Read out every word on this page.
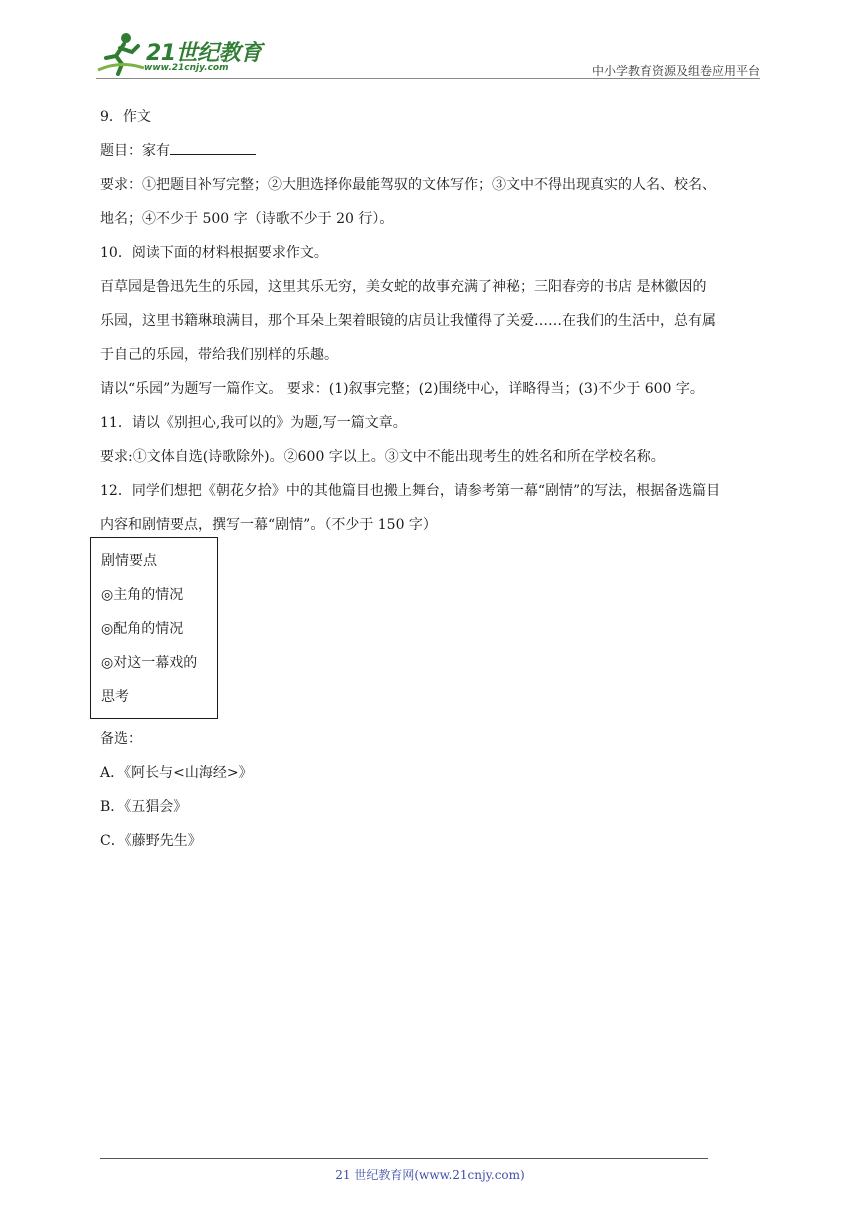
21世纪教育
www.21cnjy.com	中小学教育资源及组卷应用平台
9．作文
题目：家有
要求：①把题目补写完整；②大胆选择你最能驾驭的文体写作；③文中不得出现真实的人名、校名、
地名；④不少于 500 字（诗歌不少于 20 行）。
10．阅读下面的材料根据要求作文。
百草园是鲁迅先生的乐园，这里其乐无穷，美女蛇的故事充满了神秘；三阳春旁的书店 是林徽因的
乐园，这里书籍琳琅满目，那个耳朵上架着眼镜的店员让我懂得了关爱……在我们的生活中，总有属
于自己的乐园，带给我们别样的乐趣。
请以“乐园”为题写一篇作文。 要求：(1)叙事完整；(2)围绕中心，详略得当；(3)不少于 600 字。
11．请以《别担心,我可以的》为题,写一篇文章。
要求:①文体自选(诗歌除外)。②600 字以上。③文中不能出现考生的姓名和所在学校名称。
12．同学们想把《朝花夕拾》中的其他篇目也搬上舞台，请参考第一幕“剧情”的写法，根据备选篇目
内容和剧情要点，撰写一幕“剧情”。（不少于 150 字）
剧情要点
◎主角的情况
◎配角的情况
◎对这一幕戏的
思考
备选：
A．《阿长与<山海经>》
B．《五猖会》
C．《藤野先生》
21 世纪教育网(www.21cnjy.com)
